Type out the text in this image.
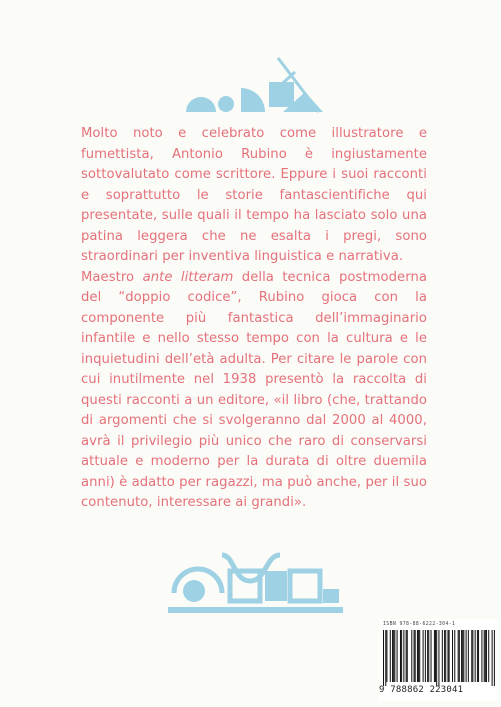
Molto noto e celebrato come illustratore e fumettista, Antonio Rubino è ingiustamente sottovalutato come scrittore. Eppure i suoi racconti e soprattutto le storie fantascientifiche qui presentate, sulle quali il tempo ha lasciato solo una patina leggera che ne esalta i pregi, sono straordinari per inventiva linguistica e narrativa.

Maestro ante litteram della tecnica postmoderna del “doppio codice”, Rubino gioca con la componente più fantastica dell’immaginario infantile e nello stesso tempo con la cultura e le inquietudini dell’età adulta. Per citare le parole con cui inutilmente nel 1938 presentò la raccolta di questi racconti a un editore, «il libro (che, trattando di argomenti che si svolgeranno dal 2000 al 4000, avrà il privilegio più unico che raro di conservarsi attuale e moderno per la durata di oltre duemila anni) è adatto per ragazzi, ma può anche, per il suo contenuto, interessare ai grandi».

ISBN 978-88-6222-304-1
9 788862 223041
